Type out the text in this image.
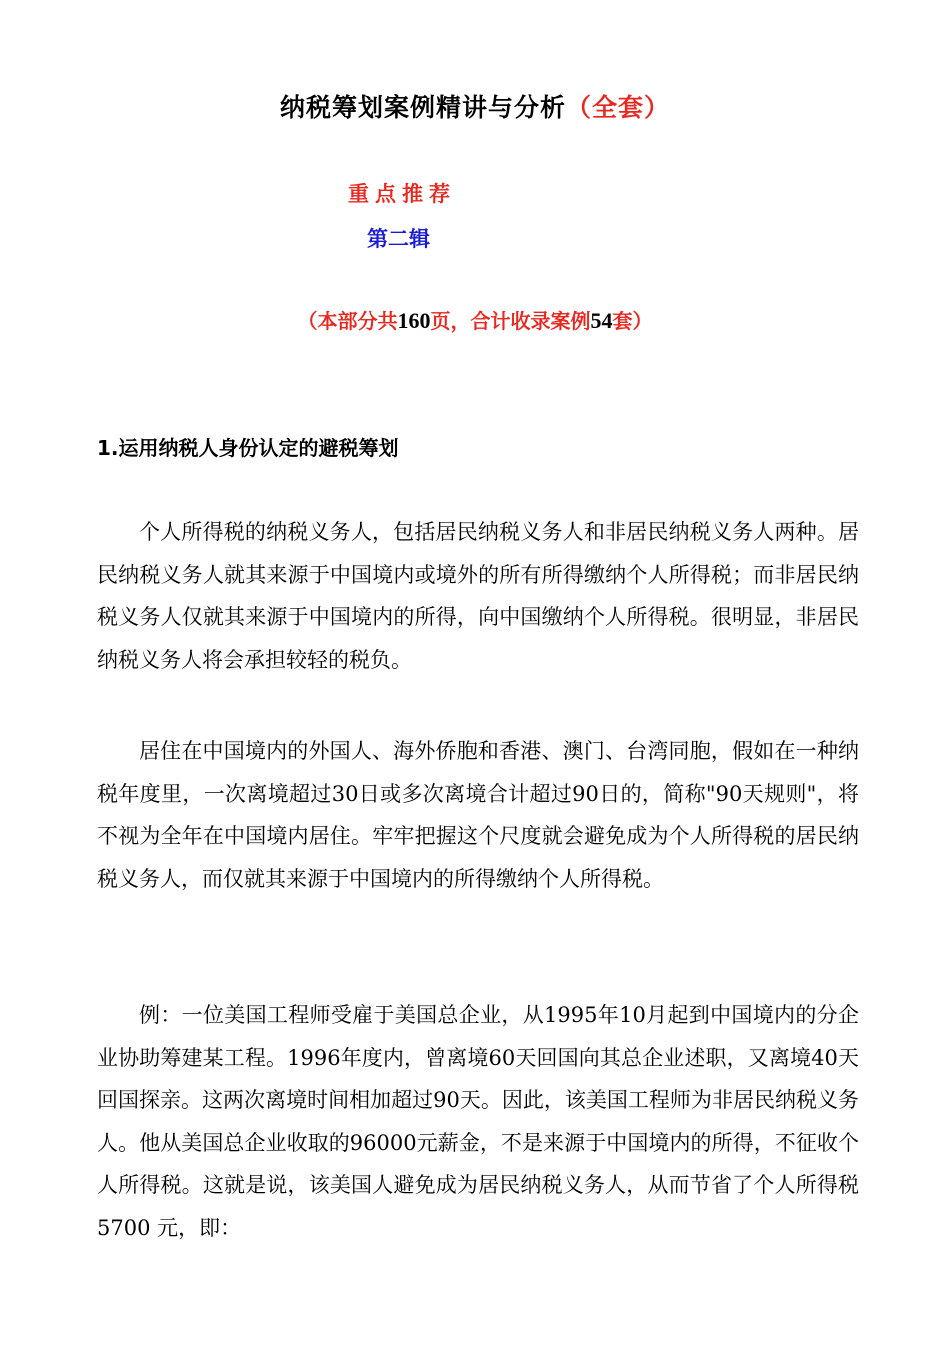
纳税筹划案例精讲与分析（全套）
重点推荐
第二辑
（本部分共160页，合计收录案例54套）
1.运用纳税人身份认定的避税筹划

个人所得税的纳税义务人，包括居民纳税义务人和非居民纳税义务人两种。居民纳税义务人就其来源于中国境内或境外的所有所得缴纳个人所得税；而非居民纳税义务人仅就其来源于中国境内的所得，向中国缴纳个人所得税。很明显，非居民纳税义务人将会承担较轻的税负。

居住在中国境内的外国人、海外侨胞和香港、澳门、台湾同胞，假如在一种纳税年度里，一次离境超过30日或多次离境合计超过90日的，简称"90天规则"，将不视为全年在中国境内居住。牢牢把握这个尺度就会避免成为个人所得税的居民纳税义务人，而仅就其来源于中国境内的所得缴纳个人所得税。

例：一位美国工程师受雇于美国总企业，从1995年10月起到中国境内的分企业协助筹建某工程。1996年度内，曾离境60天回国向其总企业述职，又离境40天回国探亲。这两次离境时间相加超过90天。因此，该美国工程师为非居民纳税义务人。他从美国总企业收取的96000元薪金，不是来源于中国境内的所得，不征收个人所得税。这就是说，该美国人避免成为居民纳税义务人，从而节省了个人所得税 5700 元，即：
